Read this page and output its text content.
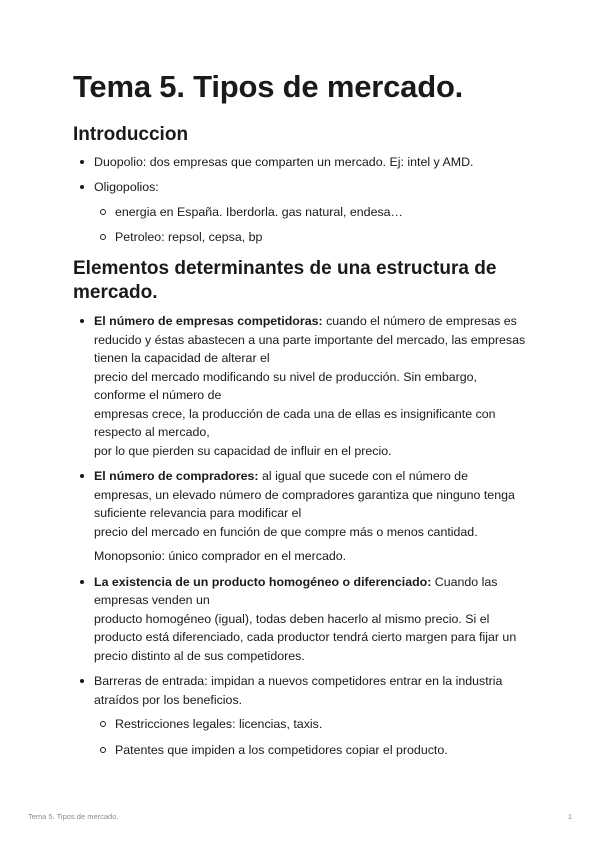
Tema 5. Tipos de mercado.
Introduccion
Duopolio: dos empresas que comparten un mercado. Ej: intel y AMD.
Oligopolios:
energia en España. Iberdorla. gas natural, endesa…
Petroleo: repsol, cepsa, bp
Elementos determinantes de una estructura de mercado.
El número de empresas competidoras: cuando el número de empresas es reducido y éstas abastecen a una parte importante del mercado, las empresas tienen la capacidad de alterar el
precio del mercado modificando su nivel de producción. Sin embargo, conforme el número de
empresas crece, la producción de cada una de ellas es insignificante con respecto al mercado,
por lo que pierden su capacidad de influir en el precio.
El número de compradores: al igual que sucede con el número de empresas, un elevado número de compradores garantiza que ninguno tenga suficiente relevancia para modificar el
precio del mercado en función de que compre más o menos cantidad.
Monopsonio: único comprador en el mercado.
La existencia de un producto homogéneo o diferenciado: Cuando las empresas venden un
producto homogéneo (igual), todas deben hacerlo al mismo precio. Si el producto está diferenciado, cada productor tendrá cierto margen para fijar un precio distinto al de sus competidores.
Barreras de entrada: impidan a nuevos competidores entrar en la industria atraídos por los beneficios.
Restricciones legales: licencias, taxis.
Patentes que impiden a los competidores copiar el producto.
Tema 5. Tipos de mercado.	1
